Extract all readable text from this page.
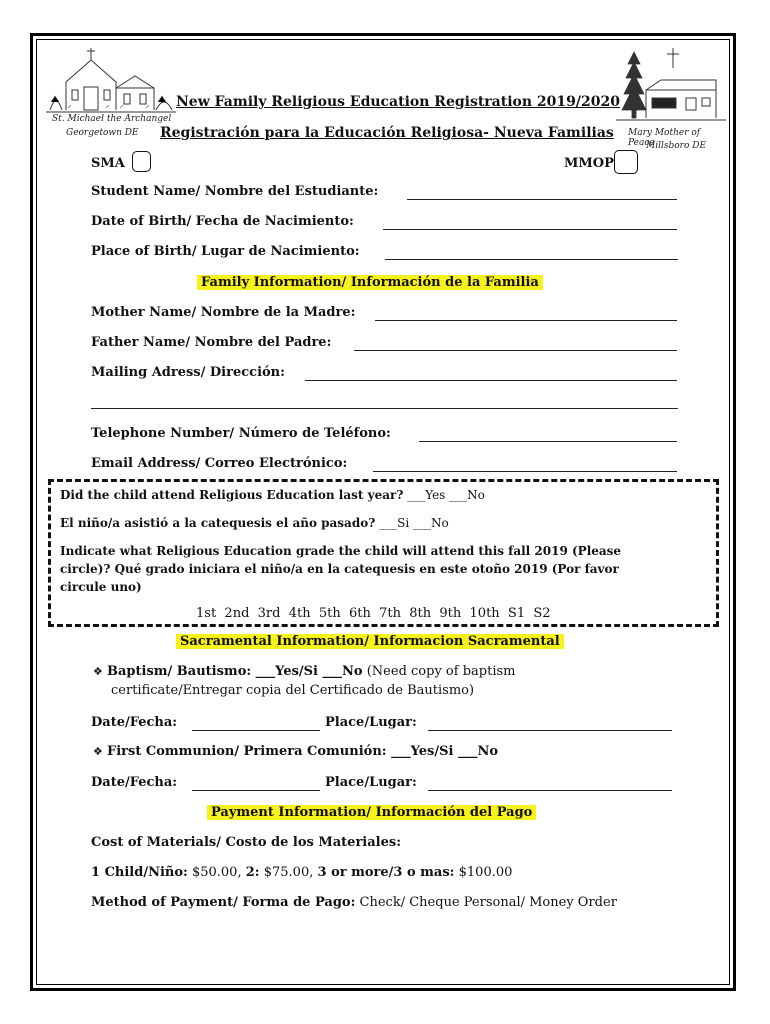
St. Michael the Archangel
Georgetown DE	Mary Mother of Peace
Millsboro DE
New Family Religious Education Registration 2019/2020
Registración para la Educación Religiosa- Nueva Familias
SMA	MMOP
Student Name/ Nombre del Estudiante:
Date of Birth/ Fecha de Nacimiento:
Place of Birth/ Lugar de Nacimiento:
Family Information/ Información de la Familia
Mother Name/ Nombre de la Madre:
Father Name/ Nombre del Padre:
Mailing Adress/ Dirección:
Telephone Number/ Número de Teléfono:
Email Address/ Correo Electrónico:
Did the child attend Religious Education last year? ___Yes ___No
El niño/a asistió a la catequesis el año pasado? ___Si ___No
Indicate what Religious Education grade the child will attend this fall 2019 (Please
circle)? Qué grado iniciara el niño/a en la catequesis en este otoño 2019 (Por favor
circule uno)
1st  2nd  3rd  4th  5th  6th  7th  8th  9th  10th  S1  S2
Sacramental Information/ Informacion Sacramental
❖ Baptism/ Bautismo: ___Yes/Si ___No (Need copy of baptism
certificate/Entregar copia del Certificado de Bautismo)
Date/Fecha:	Place/Lugar:
❖ First Communion/ Primera Comunión: ___Yes/Si ___No
Date/Fecha:	Place/Lugar:
Payment Information/ Información del Pago
Cost of Materials/ Costo de los Materiales:
1 Child/Niño: $50.00, 2: $75.00, 3 or more/3 o mas: $100.00
Method of Payment/ Forma de Pago: Check/ Cheque Personal/ Money Order
